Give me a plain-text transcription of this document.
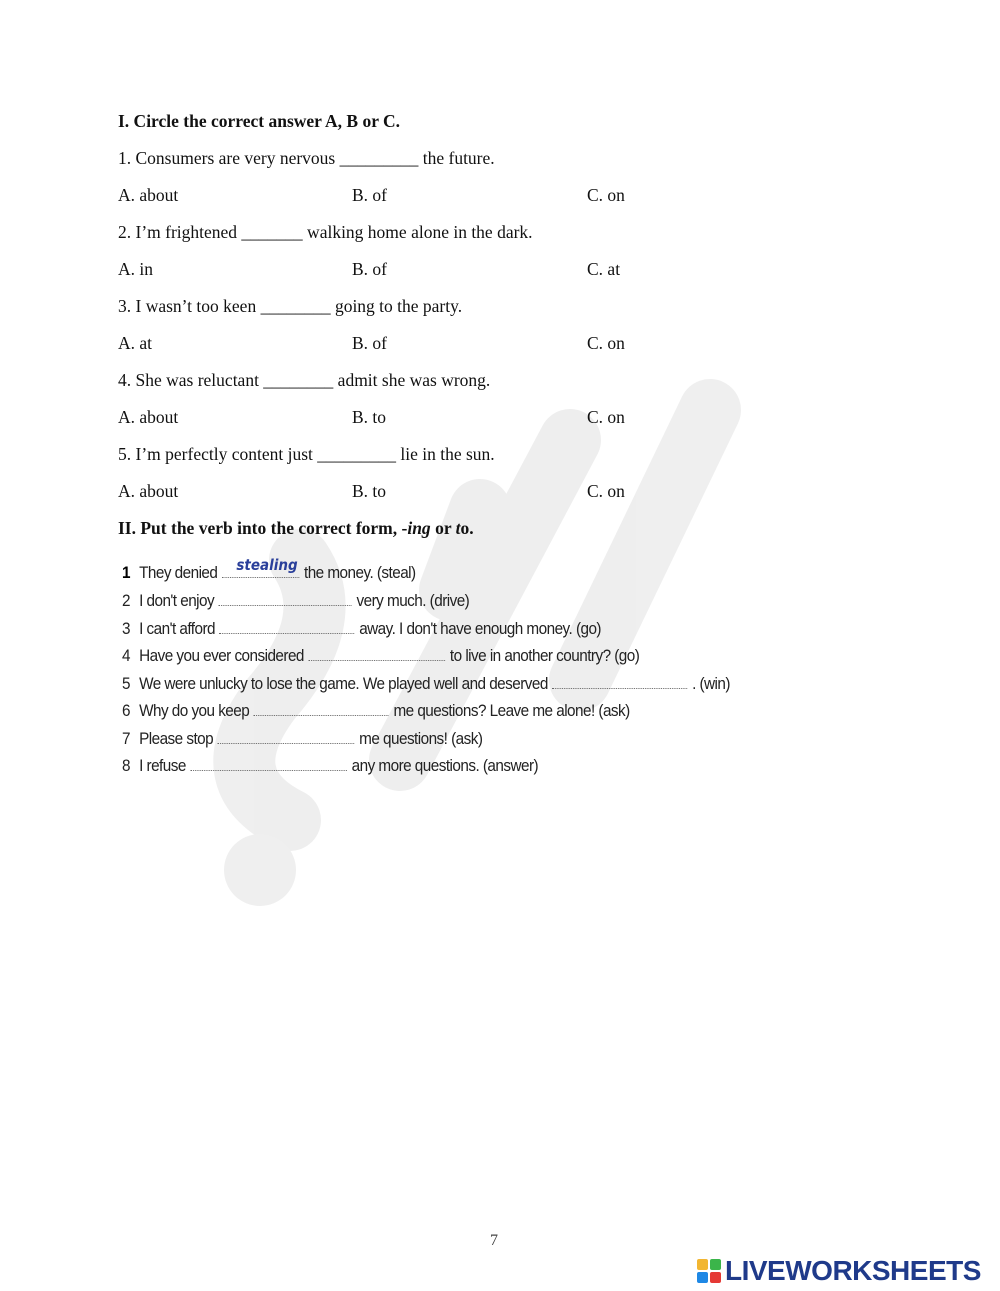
I. Circle the correct answer A, B or C.
1. Consumers are very nervous _________ the future.
A. about	B. of	C. on
2. I’m frightened _______ walking home alone in the dark.
A. in	B. of	C. at
3. I wasn’t too keen ________ going to the party.
A. at	B. of	C. on
4. She was reluctant ________ admit she was wrong.
A. about	B. to	C. on
5. I’m perfectly content just _________ lie in the sun.
A. about	B. to	C. on
II. Put the verb into the correct form, -ing or to.
1 They denied stealing the money. (steal)
2 I don't enjoy	very much. (drive)
3 I can't afford	away. I don't have enough money. (go)
4 Have you ever considered	to live in another country? (go)
5 We were unlucky to lose the game. We played well and deserved	. (win)
6 Why do you keep	me questions? Leave me alone! (ask)
7 Please stop	me questions! (ask)
8 I refuse	any more questions. (answer)
7
LIVEWORKSHEETS
